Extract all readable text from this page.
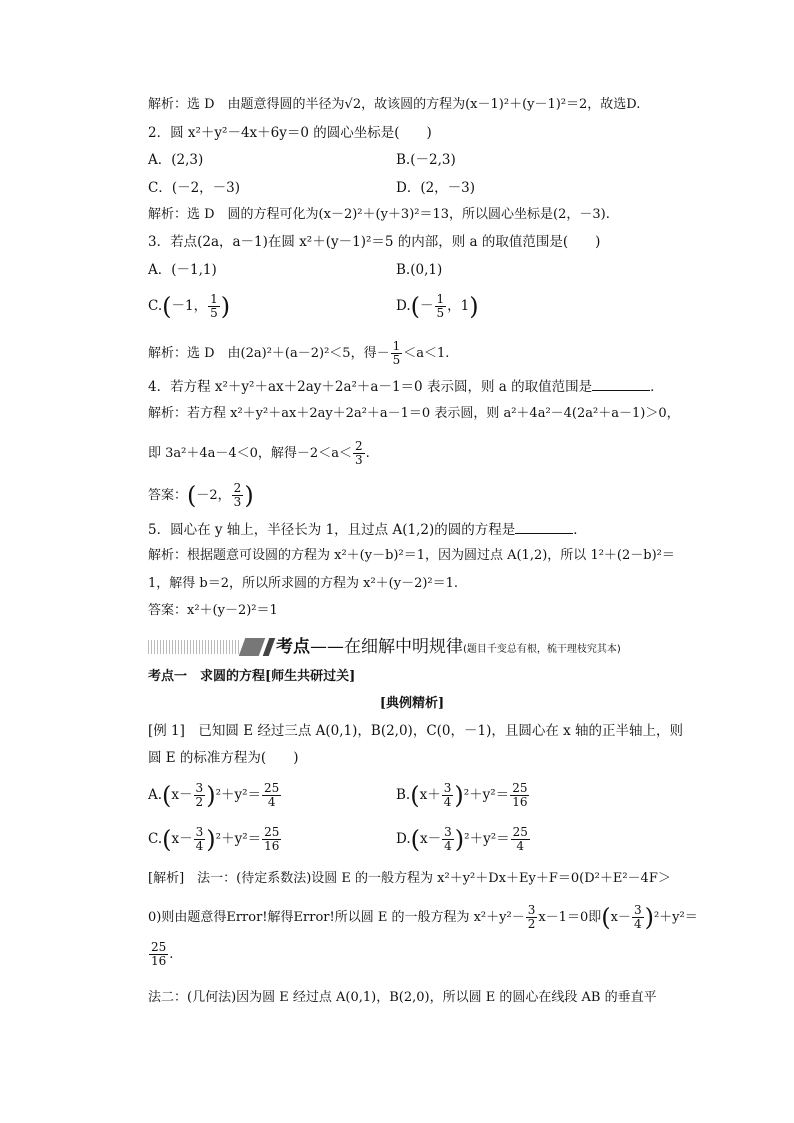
解析：选 D　由题意得圆的半径为√2，故该圆的方程为(x－1)²＋(y－1)²＝2，故选D.
2．圆 x²＋y²－4x＋6y＝0 的圆心坐标是(　　)
A．(2,3)	B.(－2,3)
C．(－2，－3)	D．(2，－3)
解析：选 D　圆的方程可化为(x－2)²＋(y＋3)²＝13，所以圆心坐标是(2，－3).
3．若点(2a，a－1)在圆 x²＋(y－1)²＝5 的内部，则 a 的取值范围是(　　)
A．(－1,1)	B.(0,1)
C.(－1， $\frac{1}{5}$ )	$D.(- \frac{1}{5}$ ，1)
解析：选 D　由(2a)²＋(a－2)²＜5，得－ $\frac{1}{5} <a<1$.
4．若方程 x²＋y²＋ax＋2ay＋2a²＋a－1＝0 表示圆，则 a 的取值范围是	．
解析：若方程 x²＋y²＋ax＋2ay＋2a²＋a－1＝0 表示圆，则 a²＋4a²－4(2a²＋a－1)＞0，
即 3a²＋4a－4＜0，解得$-2<a< \frac{2}{3}$ .
答案：(－2， $\frac{2}{3}$ )
5．圆心在 y 轴上，半径长为 1，且过点 A(1,2)的圆的方程是	．
解析：根据题意可设圆的方程为 x²＋(y－b)²＝1，因为圆过点 A(1,2)，所以 1²＋(2－b)²＝
1，解得 b＝2，所以所求圆的方程为 x²＋(y－2)²＝1.
答案：x²＋(y－2)²＝1
考点——在细解中明规律(题目千变总有根，梳干理枝究其本)
考点一　求圆的方程[师生共研过关]
[典例精析]
[例 1]　已知圆 E 经过三点 A(0,1)，B(2,0)，C(0，－1)，且圆心在 x 轴的正半轴上，则
圆 E 的标准方程为(　　)
$A.(x- \frac{3}{2} )^2+y^2= \frac{25}{4}$	$B.(x+ \frac{3}{4} )^2+y^2= \frac{25}{16}$
$C.(x- \frac{3}{4} )^2+y^2= \frac{25}{16}$	$D.(x- \frac{3}{4} )^2+y^2= \frac{25}{4}$
[解析]　法一：(待定系数法)设圆 E 的一般方程为 x²＋y²＋Dx＋Ey＋F＝0(D²＋E²－4F＞
0)则由题意得Error!解得Error!所以圆 E 的一般方程为 $x^2+y^2- \frac{3}{2} x-1=0$即$(x- \frac{3}{4} )^2+y^2=$
$\frac{25}{16}$ .
法二：(几何法)因为圆 E 经过点 A(0,1)，B(2,0)，所以圆 E 的圆心在线段 AB 的垂直平
